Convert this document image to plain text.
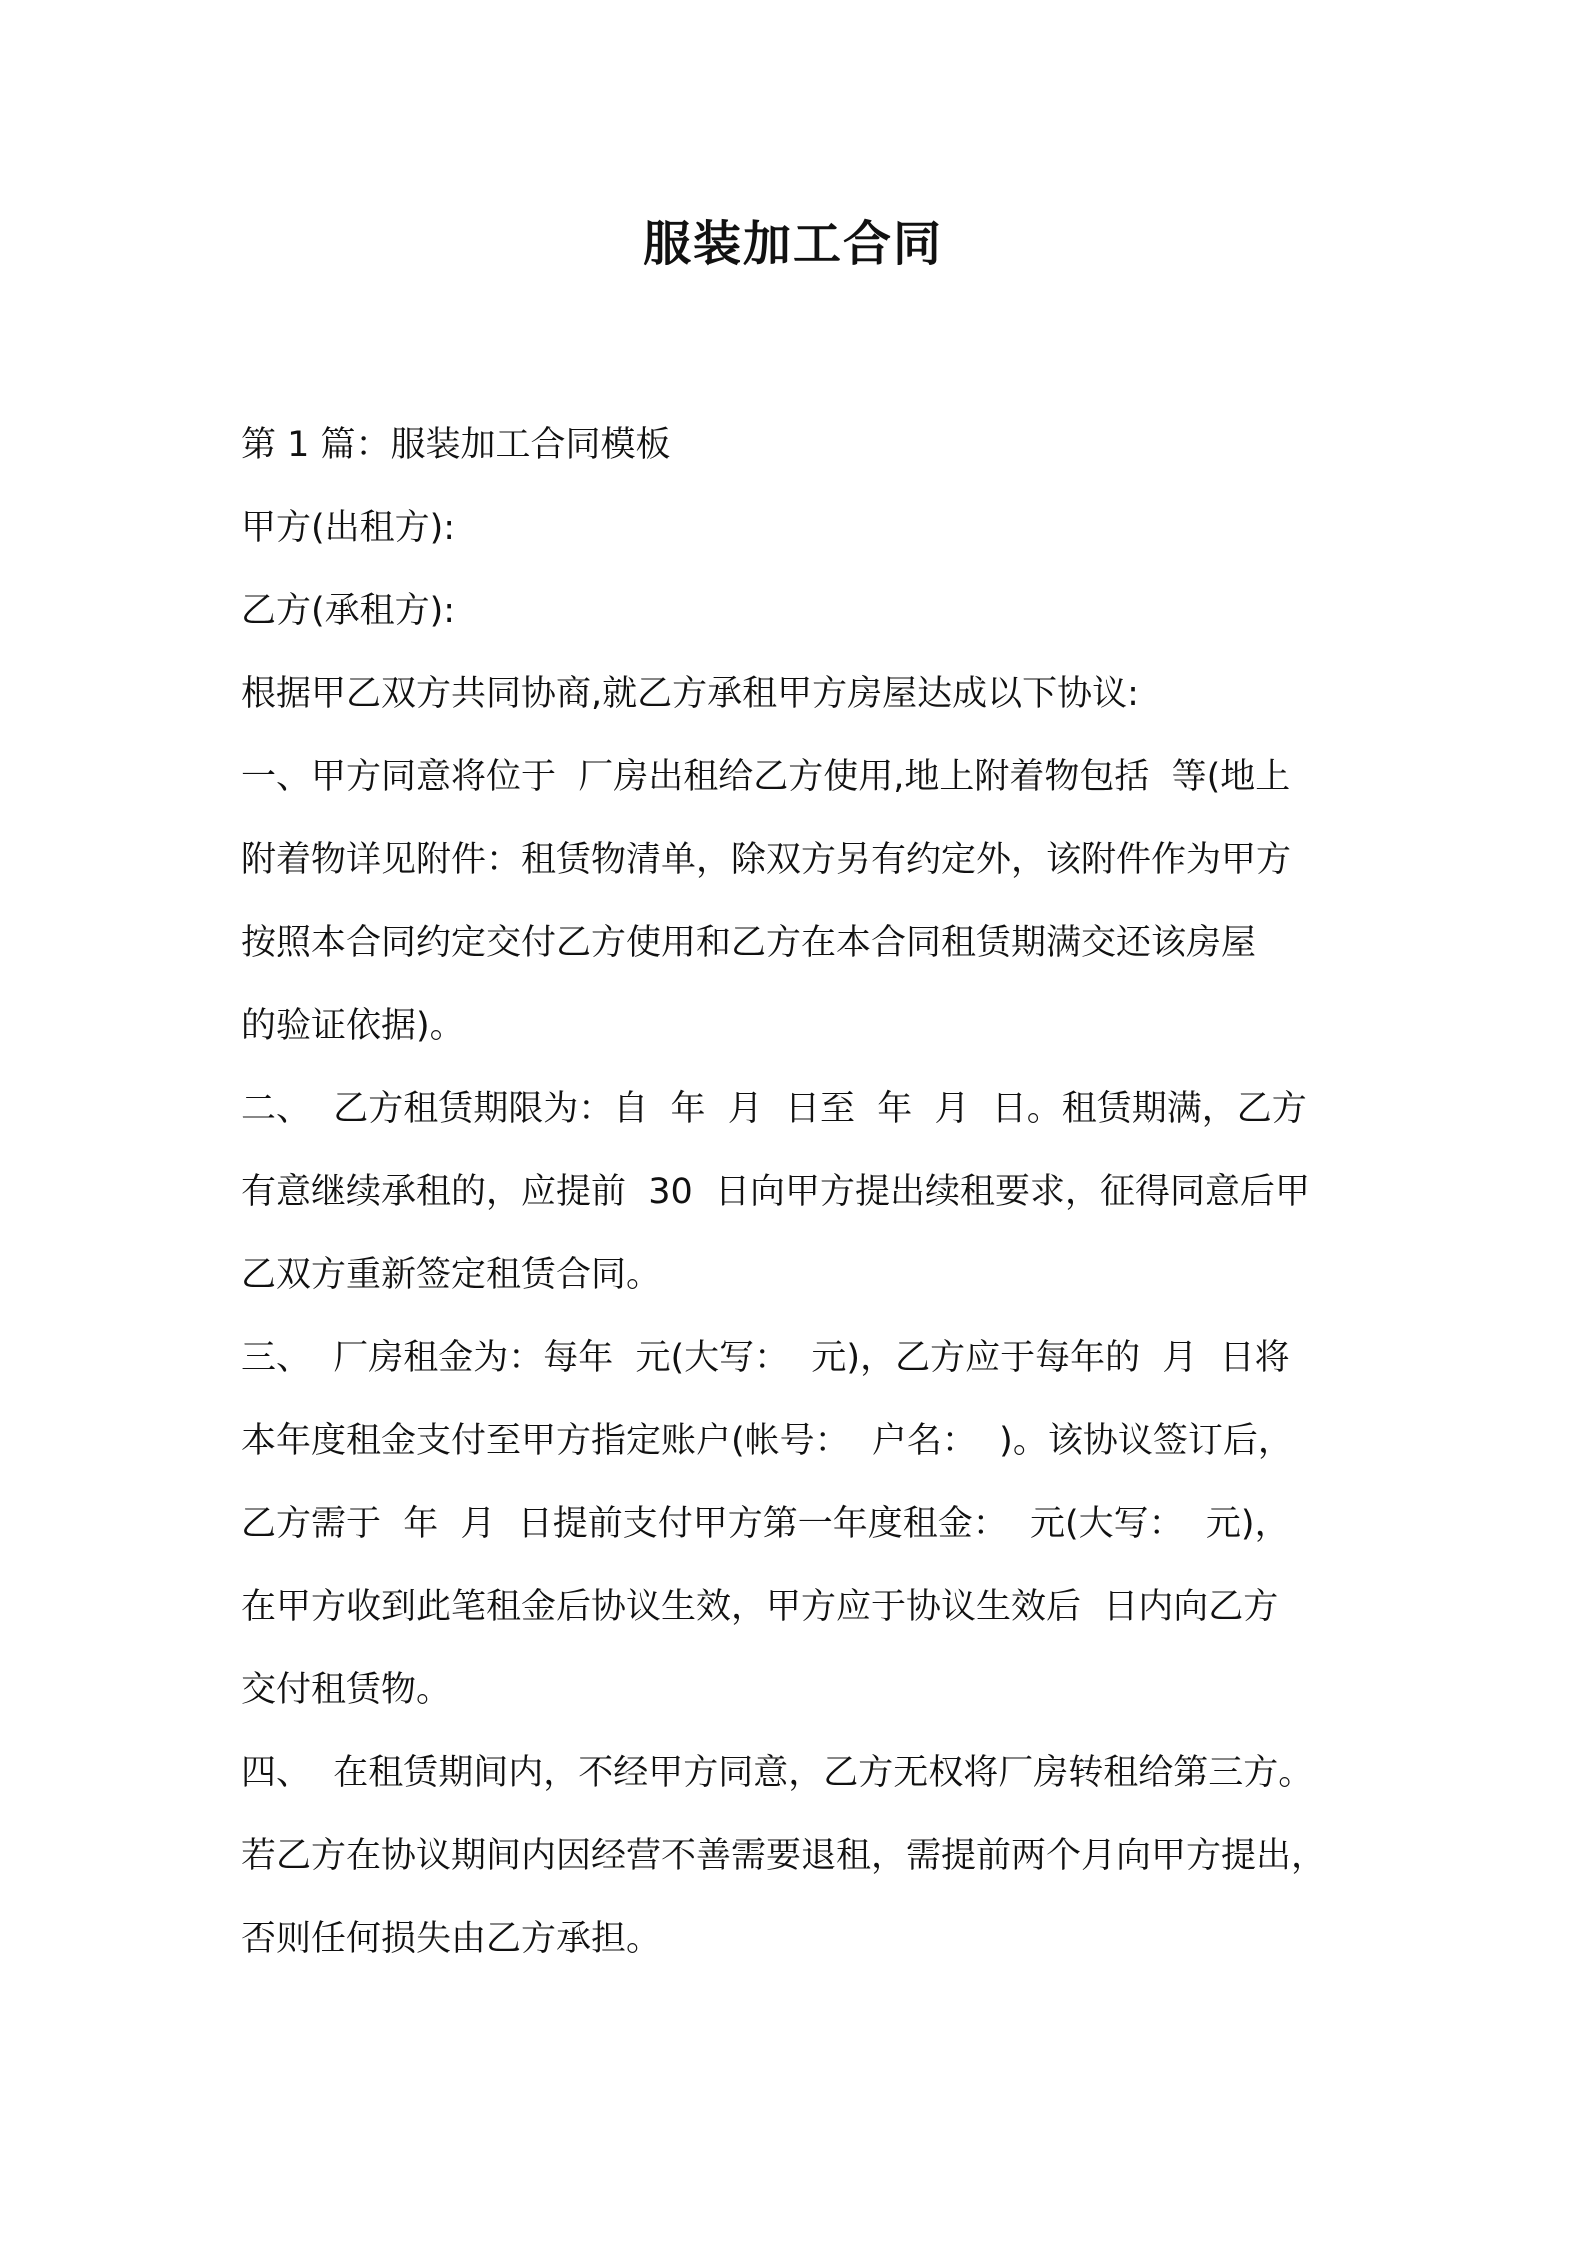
服装加工合同

第 1 篇：服装加工合同模板

甲方(出租方):

乙方(承租方):

根据甲乙双方共同协商,就乙方承租甲方房屋达成以下协议:

一、甲方同意将位于  厂房出租给乙方使用,地上附着物包括  等(地上

附着物详见附件：租赁物清单，除双方另有约定外，该附件作为甲方

按照本合同约定交付乙方使用和乙方在本合同租赁期满交还该房屋

的验证依据)。

二、  乙方租赁期限为：自  年  月  日至  年  月  日。租赁期满，乙方

有意继续承租的，应提前  30  日向甲方提出续租要求，征得同意后甲

乙双方重新签定租赁合同。

三、  厂房租金为：每年  元(大写：  元)，乙方应于每年的  月  日将

本年度租金支付至甲方指定账户(帐号：  户名：  )。该协议签订后，

乙方需于  年  月  日提前支付甲方第一年度租金：  元(大写：  元)，

在甲方收到此笔租金后协议生效，甲方应于协议生效后  日内向乙方

交付租赁物。

四、  在租赁期间内，不经甲方同意，乙方无权将厂房转租给第三方。

若乙方在协议期间内因经营不善需要退租，需提前两个月向甲方提出，

否则任何损失由乙方承担。
